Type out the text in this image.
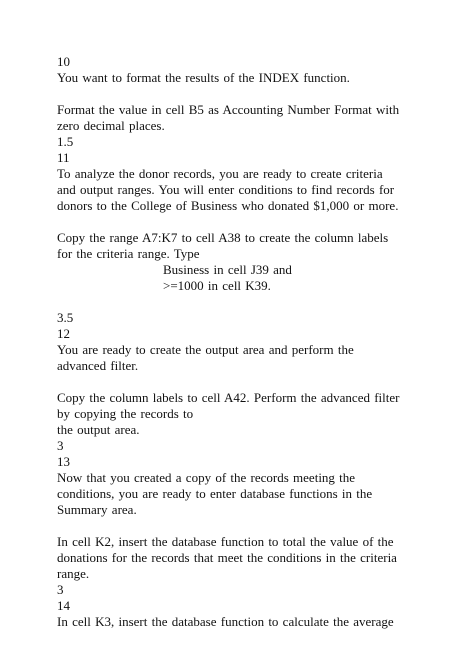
10
You want to format the results of the INDEX function.
Format the value in cell B5 as Accounting Number Format with
zero decimal places.
1.5
11
To analyze the donor records, you are ready to create criteria
and output ranges. You will enter conditions to find records for
donors to the College of Business who donated $1,000 or more.
Copy the range A7:K7 to cell A38 to create the column labels
for the criteria range. Type
Business in cell J39 and
>=1000 in cell K39.
3.5
12
You are ready to create the output area and perform the
advanced filter.
Copy the column labels to cell A42. Perform the advanced filter
by copying the records to
the output area.
3
13
Now that you created a copy of the records meeting the
conditions, you are ready to enter database functions in the
Summary area.
In cell K2, insert the database function to total the value of the
donations for the records that meet the conditions in the criteria
range.
3
14
In cell K3, insert the database function to calculate the average
